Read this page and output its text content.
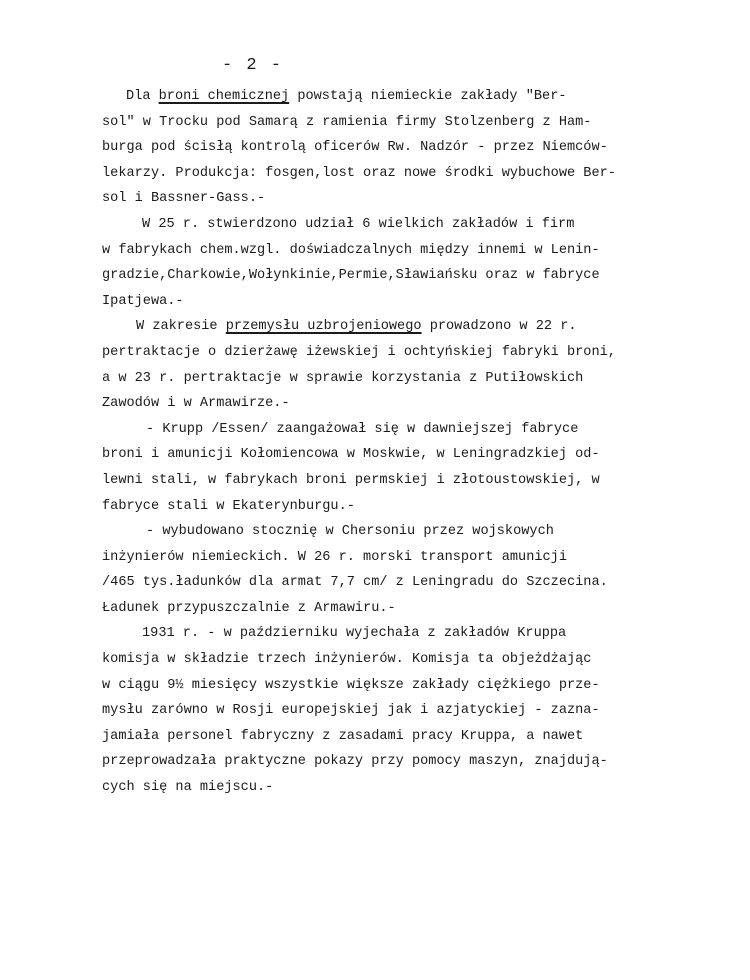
- 2 -
Dla broni chemicznej powstają niemieckie zakłady "Ber-
sol" w Trocku pod Samarą z ramienia firmy Stolzenberg z Ham-
burga pod ścisłą kontrolą oficerów Rw. Nadzór - przez Niemców-
lekarzy. Produkcja: fosgen,lost oraz nowe środki wybuchowe Ber-
sol i Bassner-Gass.-
W 25 r. stwierdzono udział 6 wielkich zakładów i firm
w fabrykach chem.wzgl. doświadczalnych między innemi w Lenin-
gradzie,Charkowie,Wołynkinie,Permie,Sławiańsku oraz w fabryce
Ipatjewa.-
W zakresie przemysłu uzbrojeniowego prowadzono w 22 r.
pertraktacje o dzierżawę iżewskiej i ochtyńskiej fabryki broni,
a w 23 r. pertraktacje w sprawie korzystania z Putiłowskich
Zawodów i w Armawirze.-
- Krupp /Essen/ zaangażował się w dawniejszej fabryce
broni i amunicji Kołomiencowa w Moskwie, w Leningradzkiej od-
lewni stali, w fabrykach broni permskiej i złotoustowskiej, w
fabryce stali w Ekaterynburgu.-
- wybudowano stocznię w Chersoniu przez wojskowych
inżynierów niemieckich. W 26 r. morski transport amunicji
/465 tys.ładunków dla armat 7,7 cm/ z Leningradu do Szczecina.
Ładunek przypuszczalnie z Armawiru.-
1931 r. - w październiku wyjechała z zakładów Kruppa
komisja w składzie trzech inżynierów. Komisja ta objeżdżając
w ciągu 9½ miesięcy wszystkie większe zakłady ciężkiego prze-
mysłu zarówno w Rosji europejskiej jak i azjatyckiej - zazna-
jamiała personel fabryczny z zasadami pracy Kruppa, a nawet
przeprowadzała praktyczne pokazy przy pomocy maszyn, znajdują-
cych się na miejscu.-
